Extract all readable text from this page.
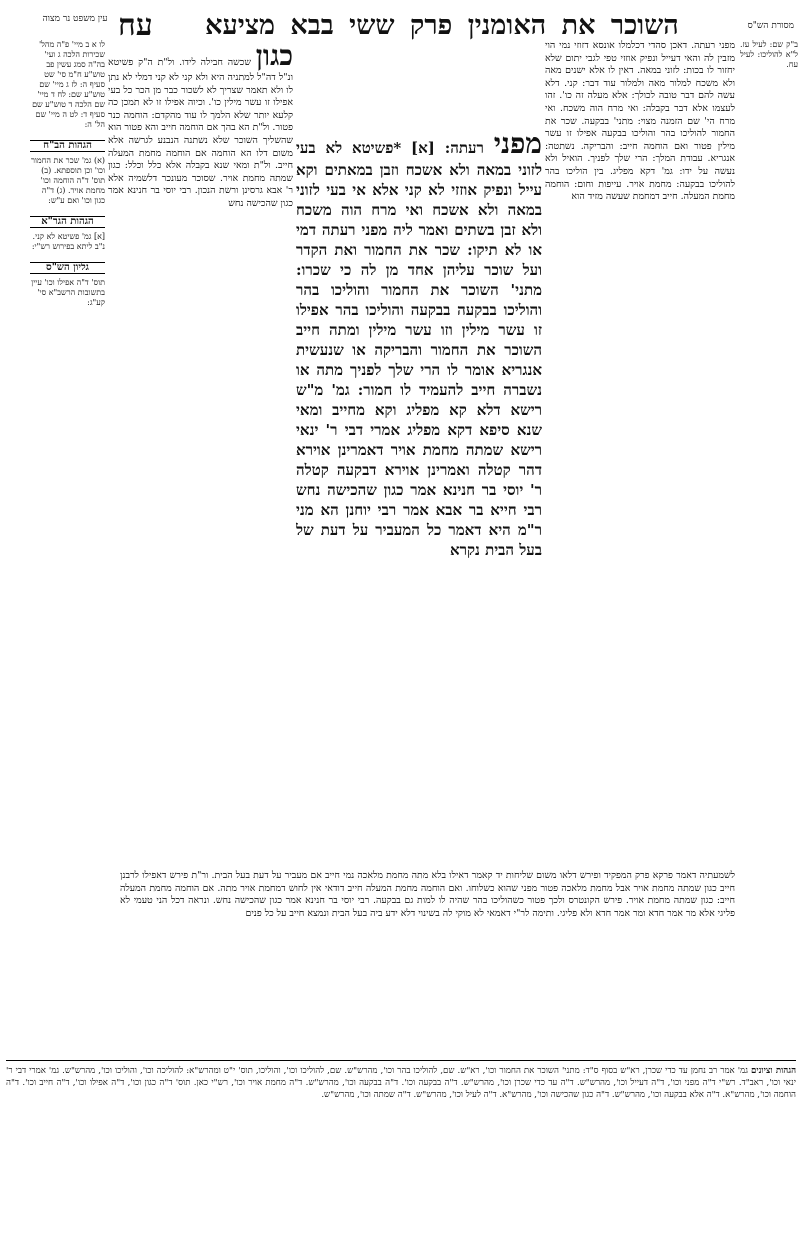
עח	השוכר את האומנין פרק ששי בבא מציעא
עין משפט נר מצוה
מסורת הש"ס
ב"ק שם: לעיל עז. ל"א להוליכו: לעיל עח.
מפני רעתה. דאכן סהדי דכלמלו אונסא דזוזי נמי הוי מזבין לה והאי דעייל ונפיק אוזזי טפי לגבי יתום שלא יחזור לו בכות: לזוני במאה. דאין לו אלא ישנים מאה ולא משכח למלור מאה ולמלור עוד דבר: קני. דלא עשה להם דבר טובה לכולך: אלא מעלה זה כו'. זהו לעצמו אלא דבר בקבלה: ואי מרח הוה משכח. ואי מרח הי' שם הזמנה מצוי: מתני' בבקעה. שכר את החמור להוליכו בהר והוליכו בבקעה אפילו זו עשר מילין פטור ואם הוחמה חייב: והבריקה. נשתטה: אנגריא. עבודת המלך: הרי שלך לפניך. הואיל ולא נעשה על ידו: גמ' דקא מפליג. בין הוליכו בהר להוליכו בבקעה: מחמת אויר. עייפות וחום: הוחמה מחמת המעלה. חייב דמחמת שעשה מזיד הוא
מפני רעתה: [א] *פשיטא לא בעי לזוני במאה ולא אשכח וזבן במאתים וקא עייל ונפיק אוזזי לא קני אלא אי בעי לזוני במאה ולא אשכח ואי מרח הוה משכח ולא זבן בשתים ואמר ליה מפני רעתה דמי או לא תיקו: שכר את החמור ואת הקדר ועל שוכר עליהן אחד מן לה כי שכרו: מתני' השוכר את החמור והוליכו בהר והוליכו בבקעה בבקעה והוליכו בהר אפילו זו עשר מילין וזו עשר מילין ומתה חייב השוכר את החמור והבריקה או שנעשית אנגריא אומר לו הרי שלך לפניך מתה או נשברה חייב להעמיד לו חמור: גמ' מ"ש רישא דלא קא מפליג וקא מחייב ומאי שנא סיפא דקא מפליג אמרי דבי ר' ינאי רישא שמתה מחמת אויר דאמרינן אוירא דהר קטלה ואמרינן אוירא דבקעה קטלה ר' יוסי בר חנינא אמר כגון שהכישה נחש רבי חייא בר אבא אמר רבי יוחנן הא מני ר"מ היא דאמר כל המעביר על דעת של בעל הבית נקרא
כגון שכשה חבילה לידו. ול"ת ה"ק פשיטא ונ"ל דה"ל למתניה היא ולא קני לא קני דמלי לא נתן לו ולא תאמר שצריך לא לשכור כבר מן הכר כל בעי אפילו זו עשר מילין כו'. וכיוה אפילו זו לא תמכן כה קלעא יותר שלא הלמך לו עוד מהקדם: הוחמה כנר פטור. ול"ת הא בהך אם הוחמה חייב והא פטור הוא שהשליך השוכר שלא נשתנה הנבנע לגרשה אלא משום דלו הא הוחמה אם הוחמה מחמת המעלה חייב. ול"ת ומאי שנא בקבלה אלא כלל וכלל: כגון שמתה מחמת אויר. שסוכר מעונכר דלשמיה אלא ר' אבא גרסינן ורשת הנכון. רבי יוסי בר חנינא אמר כגון שהכישה נחש
לשמעתיה דאמר פרקא פרק המפקיד ופירש דלאו משום שליחות יד קאמר דאילו בלא מתה מחמת מלאכה נמי חייב אם מעביר על דעת בעל הבית. ור"ת פירש דאפילו לרבנן חייב כגון שמתה מחמת אויר אבל מחמת מלאכה פטור מפני שהוא כשלוחו. ואם הוחמה מחמת המעלה חייב דודאי אין לחוש דמחמת אויר מתה. אם הוחמה מחמת המעלה חייב: כגון שמתה מחמת אויר. פירש הקונטרס ולכך פטור כשהוליכו בהר שהיה לו למות גם בבקעה. רבי יוסי בר חנינא אמר כגון שהכישה נחש. ונראה דכל הני טעמי לא פליגי אלא מר אמר חדא ומר אמר חדא ולא פליגי. ותימה לר"י דאמאי לא מוקי לה בשינוי דלא ידע ביה בעל הבית ונמצא חייב על כל פנים
לו א ב מיי' פ"ה מהל' שכירות הלכה ג ועי' בה"ה סמג עשין פב טוש"ע ח"מ סי' שט סעיף ה: לז ג מיי' שם טוש"ע שם: לח ד מיי' שם הלכה ד טוש"ע שם סעיף ד: לט ה מיי' שם הל' ה:
הגהות הב"ח
(א) גמ' שכר את החמור וכו' וכן תוספתא. (ב) תוס' ד"ה הוחמה וכו' מחמת אויר. (ג) ד"ה כגון וכו' ואם ע"ש:
הגהות הגר"א
[א] גמ' פשיטא לא קני. נ"ב ליתא בפירוש רש"י:
גליון הש"ס
תוס' ד"ה אפילו וכו' עיין בתשובות הרשב"א סי' קע"ג:
הגהות וציונים גמ' אמר רב נחמן עד כדי שכרן, רא"ש בסוף ס"ד: מתני' השוכר את החמור וכו', רא"ש. שם, להוליכו בהר וכו', מהרש"ש. שם, להוליכו וכו', והוליכו, תוס' י"ט ומהרש"א: להוליכה וכו', והוליכו וכו', מהרש"ש. גמ' אמרי דבי ר' ינאי וכו', ראב"ד. רש"י ד"ה מפני וכו', ד"ה דעייל וכו', מהרש"ש. ד"ה עד כדי שכרן וכו', מהרש"ש. ד"ה בבקעה וכו'. ד"ה בבקעה וכו', מהרש"ש. ד"ה מחמת אויר וכו', רש"י כאן. תוס' ד"ה כגון וכו', ד"ה אפילו וכו', ד"ה חייב וכו'. ד"ה הוחמה וכו', מהרש"א. ד"ה אלא בבקעה וכו', מהרש"ש. ד"ה כגון שהכישה וכו', מהרש"א. ד"ה לעיל וכו', מהרש"ש. ד"ה שמתה וכו', מהרש"ש.
